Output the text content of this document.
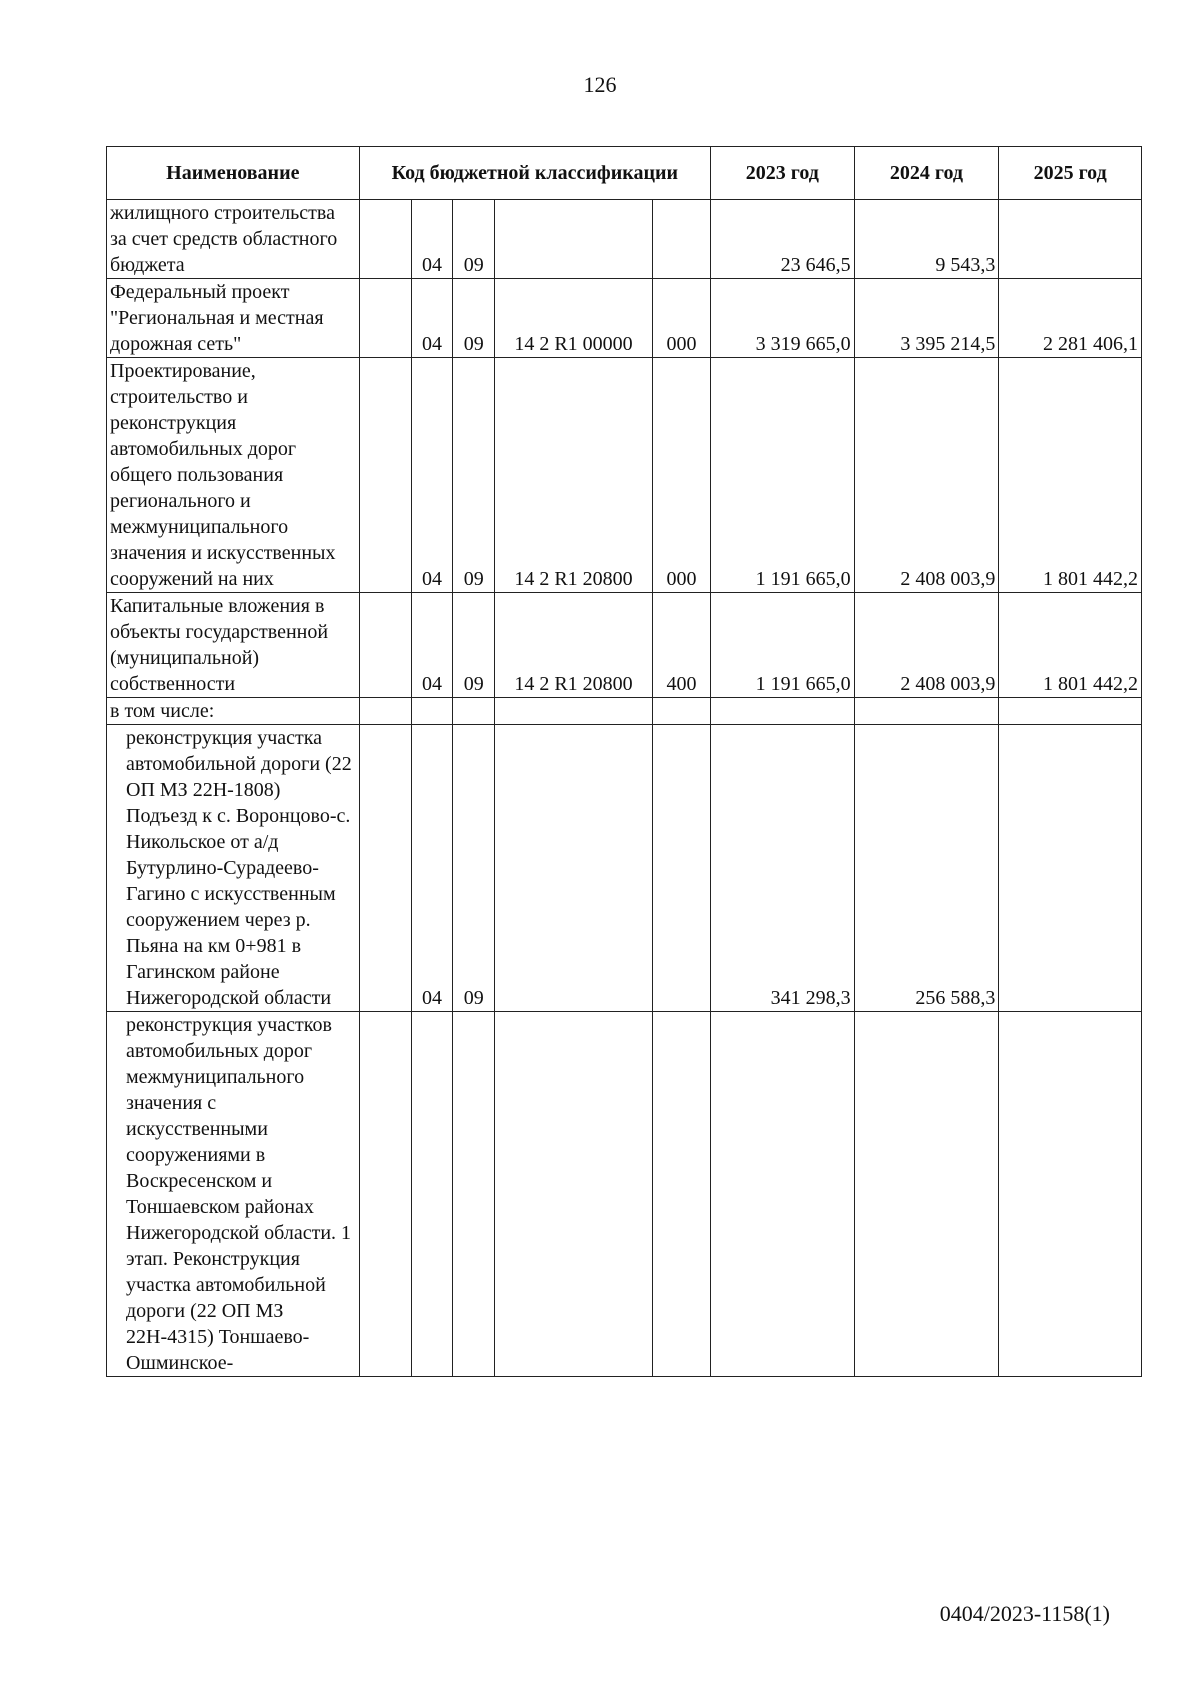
126
Наименование	Код бюджетной классификации					2023 год	2024 год	2025 год
жилищного строительства за счет средств областного бюджета		04	09			23 646,5	9 543,3	
Федеральный проект "Региональная и местная дорожная сеть"		04	09	14 2 R1 00000	000	3 319 665,0	3 395 214,5	2 281 406,1
Проектирование, строительство и реконструкция автомобильных дорог общего пользования регионального и межмуниципального значения и искусственных сооружений на них		04	09	14 2 R1 20800	000	1 191 665,0	2 408 003,9	1 801 442,2
Капитальные вложения в объекты государственной (муниципальной) собственности		04	09	14 2 R1 20800	400	1 191 665,0	2 408 003,9	1 801 442,2
в том числе:								

реконструкция участка автомобильной дороги (22 ОП МЗ 22Н-1808) Подъезд к с. Воронцово-с. Никольское от а/д Бутурлино-Сурадеево-Гагино с искусственным сооружением через р. Пьяна на км 0+981 в Гагинском районе Нижегородской области		04	09			341 298,3	256 588,3	

реконструкция участков автомобильных дорог межмуниципального значения с искусственными сооружениями в Воскресенском и Тоншаевском районах Нижегородской области. 1 этап. Реконструкция участка автомобильной дороги (22 ОП МЗ 22Н-4315) Тоншаево-Ошминское-								

0404/2023-1158(1)
